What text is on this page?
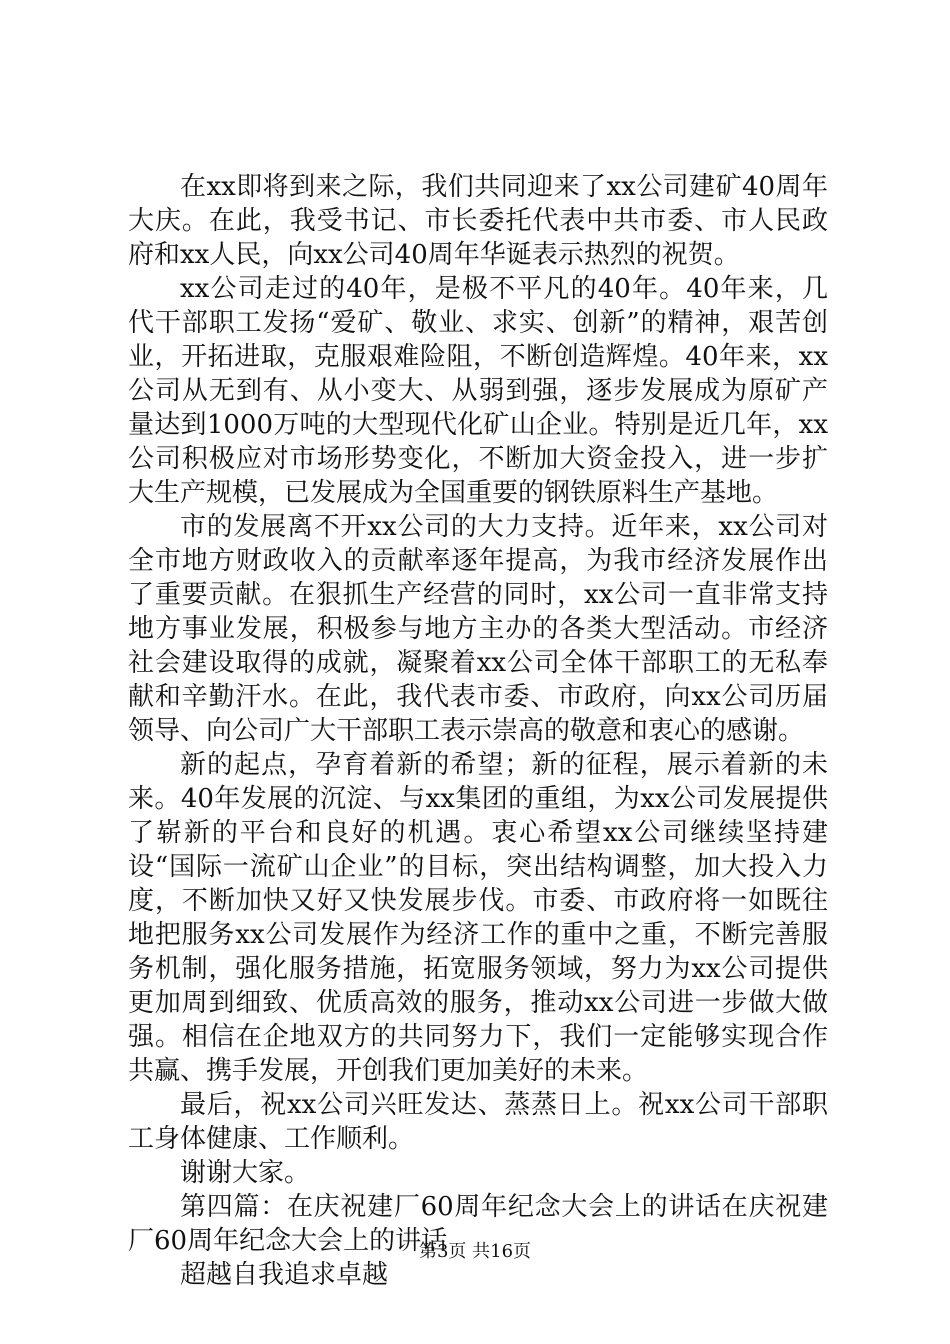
在xx即将到来之际，我们共同迎来了xx公司建矿40周年大庆。在此，我受书记、市长委托代表中共市委、市人民政府和xx人民，向xx公司40周年华诞表示热烈的祝贺。

xx公司走过的40年，是极不平凡的40年。40年来，几代干部职工发扬“爱矿、敬业、求实、创新”的精神，艰苦创业，开拓进取，克服艰难险阻，不断创造辉煌。40年来，xx公司从无到有、从小变大、从弱到强，逐步发展成为原矿产量达到1000万吨的大型现代化矿山企业。特别是近几年，xx公司积极应对市场形势变化，不断加大资金投入，进一步扩大生产规模，已发展成为全国重要的钢铁原料生产基地。

市的发展离不开xx公司的大力支持。近年来，xx公司对全市地方财政收入的贡献率逐年提高，为我市经济发展作出了重要贡献。在狠抓生产经营的同时，xx公司一直非常支持地方事业发展，积极参与地方主办的各类大型活动。市经济社会建设取得的成就，凝聚着xx公司全体干部职工的无私奉献和辛勤汗水。在此，我代表市委、市政府，向xx公司历届领导、向公司广大干部职工表示崇高的敬意和衷心的感谢。

新的起点，孕育着新的希望；新的征程，展示着新的未来。40年发展的沉淀、与xx集团的重组，为xx公司发展提供了崭新的平台和良好的机遇。衷心希望xx公司继续坚持建设“国际一流矿山企业”的目标，突出结构调整，加大投入力度，不断加快又好又快发展步伐。市委、市政府将一如既往地把服务xx公司发展作为经济工作的重中之重，不断完善服务机制，强化服务措施，拓宽服务领域，努力为xx公司提供更加周到细致、优质高效的服务，推动xx公司进一步做大做强。相信在企地双方的共同努力下，我们一定能够实现合作共赢、携手发展，开创我们更加美好的未来。

最后，祝xx公司兴旺发达、蒸蒸日上。祝xx公司干部职工身体健康、工作顺利。

谢谢大家。

第四篇：在庆祝建厂60周年纪念大会上的讲话在庆祝建厂60周年纪念大会上的讲话

超越自我追求卓越

第3页 共16页
